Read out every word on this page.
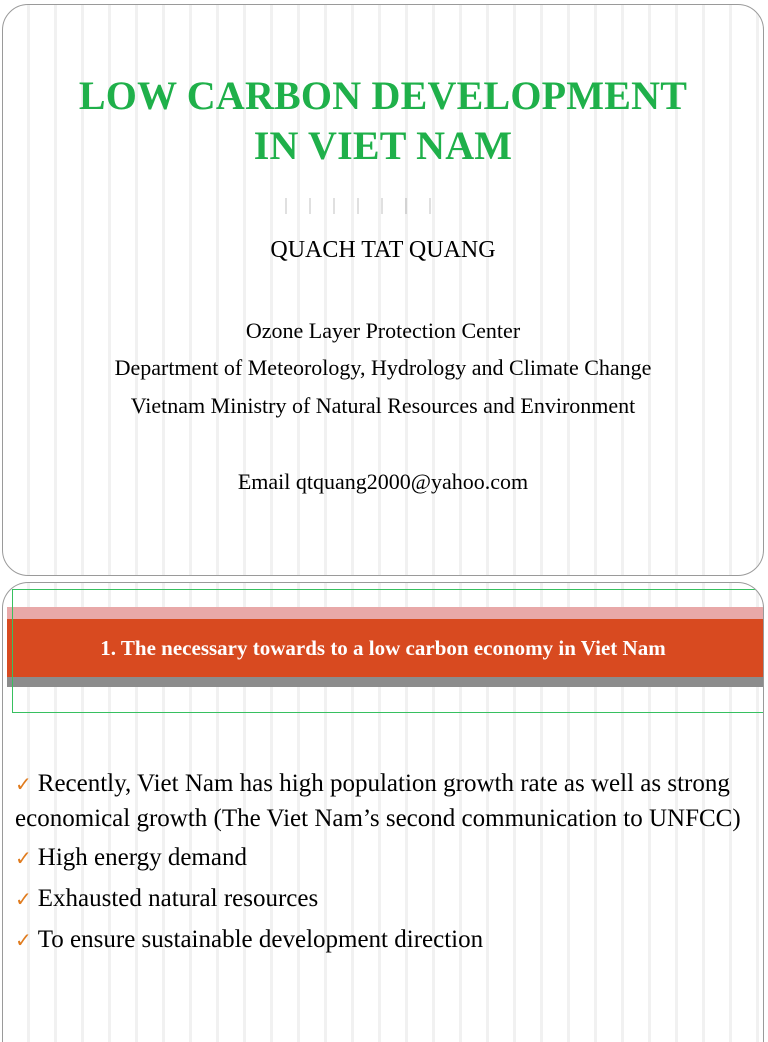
LOW CARBON DEVELOPMENT
IN VIET NAM
QUACH TAT QUANG
Ozone Layer Protection Center
Department of Meteorology, Hydrology and Climate Change
Vietnam Ministry of Natural Resources and Environment
Email qtquang2000@yahoo.com
1. The necessary towards to a low carbon economy in Viet Nam
✓ Recently, Viet Nam has high population growth rate as well as strong economical growth (The Viet Nam’s second communication to UNFCC)
✓ High energy demand
✓ Exhausted natural resources
✓ To ensure sustainable development direction
